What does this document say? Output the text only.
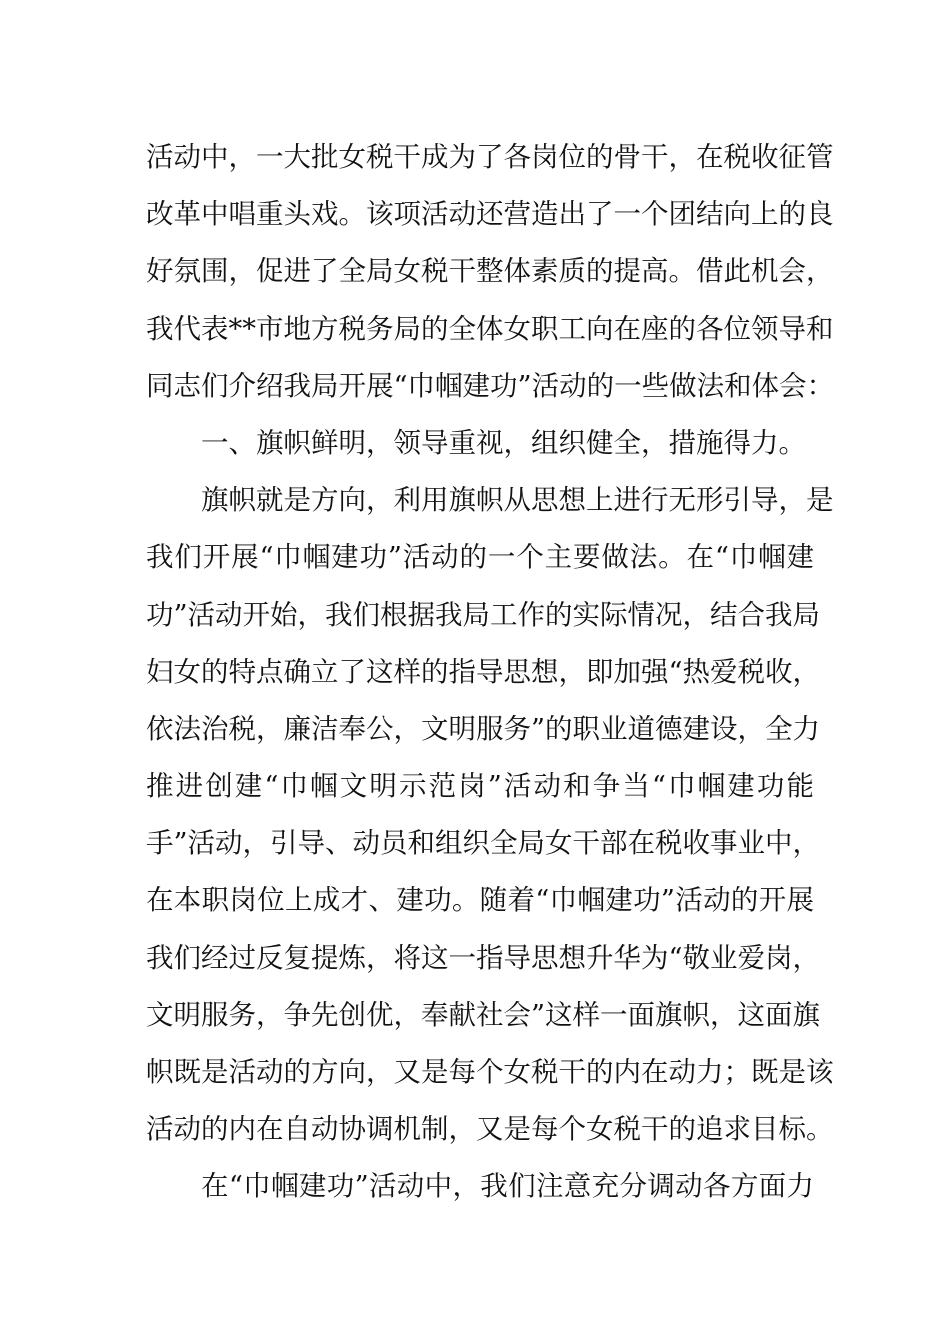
活动中，一大批女税干成为了各岗位的骨干，在税收征管
改革中唱重头戏。该项活动还营造出了一个团结向上的良
好氛围，促进了全局女税干整体素质的提高。借此机会，
我代表**市地方税务局的全体女职工向在座的各位领导和
同志们介绍我局开展“巾帼建功”活动的一些做法和体会：
一、旗帜鲜明，领导重视，组织健全，措施得力。
旗帜就是方向，利用旗帜从思想上进行无形引导，是
我们开展“巾帼建功”活动的一个主要做法。在“巾帼建
功”活动开始，我们根据我局工作的实际情况，结合我局
妇女的特点确立了这样的指导思想，即加强“热爱税收，
依法治税，廉洁奉公，文明服务”的职业道德建设，全力
推进创建“巾帼文明示范岗”活动和争当“巾帼建功能
手”活动，引导、动员和组织全局女干部在税收事业中，
在本职岗位上成才、建功。随着“巾帼建功”活动的开展
我们经过反复提炼，将这一指导思想升华为“敬业爱岗，
文明服务，争先创优，奉献社会”这样一面旗帜，这面旗
帜既是活动的方向，又是每个女税干的内在动力；既是该
活动的内在自动协调机制，又是每个女税干的追求目标。
在“巾帼建功”活动中，我们注意充分调动各方面力
